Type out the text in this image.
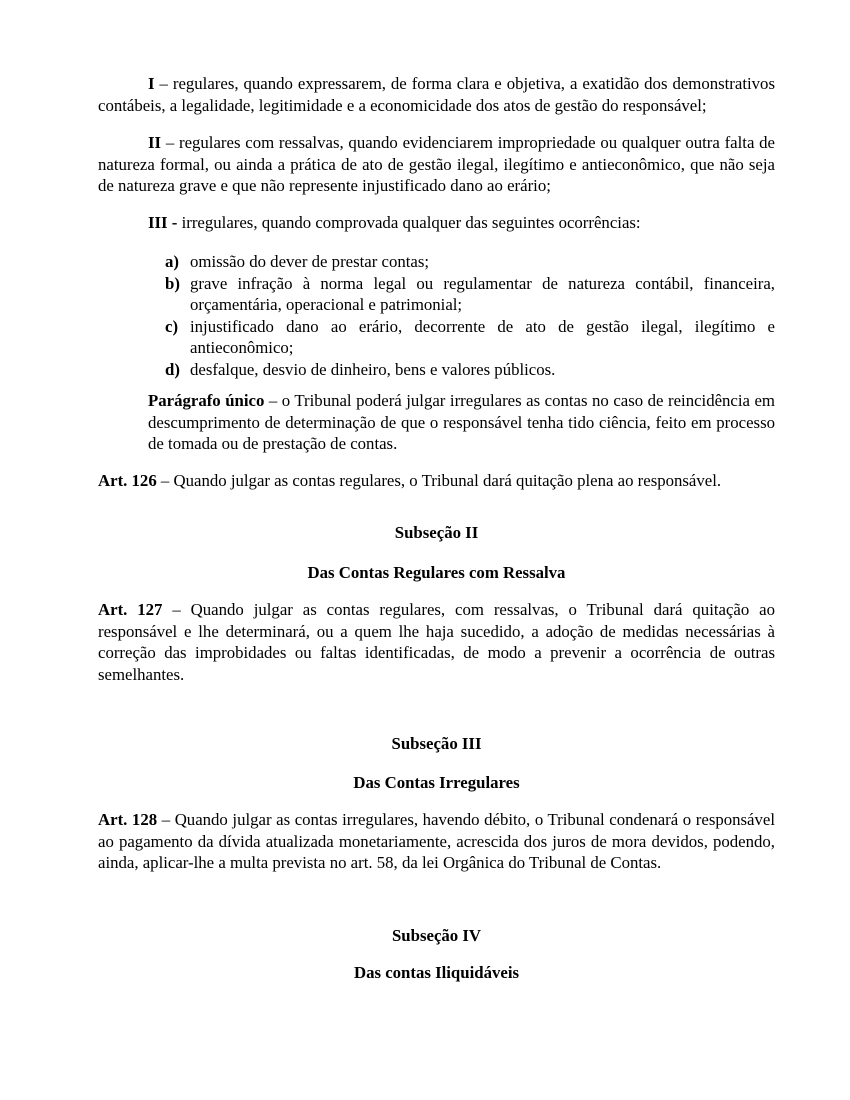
I – regulares, quando expressarem, de forma clara e objetiva, a exatidão dos demonstrativos contábeis, a legalidade, legitimidade e a economicidade dos atos de gestão do responsável;

II – regulares com ressalvas, quando evidenciarem impropriedade ou qualquer outra falta de natureza formal, ou ainda a prática de ato de gestão ilegal, ilegítimo e antieconômico, que não seja de natureza grave e que não represente injustificado dano ao erário;

III - irregulares, quando comprovada qualquer das seguintes ocorrências:

a) omissão do dever de prestar contas;

b) grave infração à norma legal ou regulamentar de natureza contábil, financeira, orçamentária, operacional e patrimonial;

c) injustificado dano ao erário, decorrente de ato de gestão ilegal, ilegítimo e antieconômico;

d) desfalque, desvio de dinheiro, bens e valores públicos.

Parágrafo único – o Tribunal poderá julgar irregulares as contas no caso de reincidência em descumprimento de determinação de que o responsável tenha tido ciência, feito em processo de tomada ou de prestação de contas.

Art. 126 – Quando julgar as contas regulares, o Tribunal dará quitação plena ao responsável.

Subseção II

Das Contas Regulares com Ressalva

Art. 127 – Quando julgar as contas regulares, com ressalvas, o Tribunal dará quitação ao responsável e lhe determinará, ou a quem lhe haja sucedido, a adoção de medidas necessárias à correção das improbidades ou faltas identificadas, de modo a prevenir a ocorrência de outras semelhantes.

Subseção III

Das Contas Irregulares

Art. 128 – Quando julgar as contas irregulares, havendo débito, o Tribunal condenará o responsável ao pagamento da dívida atualizada monetariamente, acrescida dos juros de mora devidos, podendo, ainda, aplicar-lhe a multa prevista no art. 58, da lei Orgânica do Tribunal de Contas.

Subseção IV

Das contas Iliquidáveis
